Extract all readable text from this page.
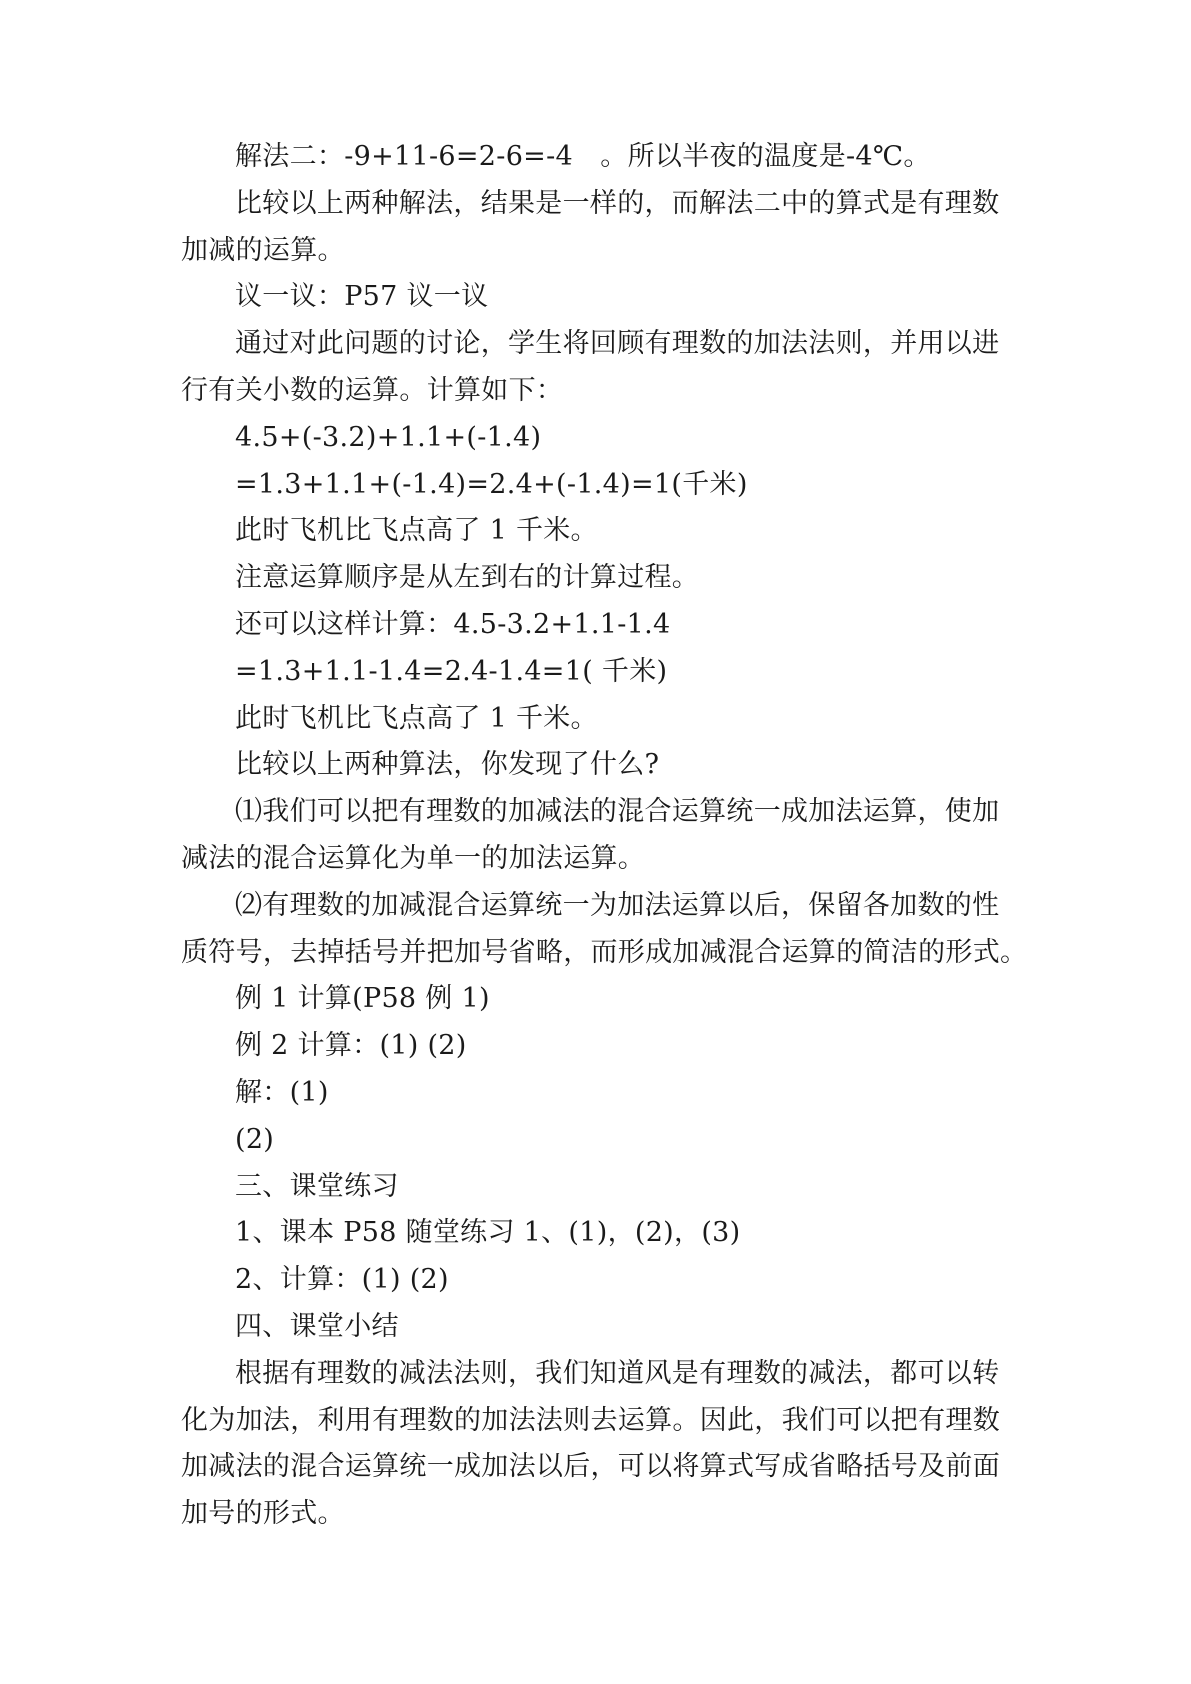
解法二：-9+11-6=2-6=-4　。所以半夜的温度是-4℃。
比较以上两种解法，结果是一样的，而解法二中的算式是有理数
加减的运算。
议一议：P57 议一议
通过对此问题的讨论，学生将回顾有理数的加法法则，并用以进
行有关小数的运算。计算如下：
4.5+(-3.2)+1.1+(-1.4)
=1.3+1.1+(-1.4)=2.4+(-1.4)=1(千米)
此时飞机比飞点高了 1 千米。
注意运算顺序是从左到右的计算过程。
还可以这样计算：4.5-3.2+1.1-1.4
=1.3+1.1-1.4=2.4-1.4=1( 千米)
此时飞机比飞点高了 1 千米。
比较以上两种算法，你发现了什么?
⑴我们可以把有理数的加减法的混合运算统一成加法运算，使加
减法的混合运算化为单一的加法运算。
⑵有理数的加减混合运算统一为加法运算以后，保留各加数的性
质符号，去掉括号并把加号省略，而形成加减混合运算的简洁的形式。
例 1 计算(P58 例 1)
例 2 计算：(1) (2)
解：(1)
(2)
三、课堂练习
1、课本 P58 随堂练习 1、(1)，(2)，(3)
2、计算：(1) (2)
四、课堂小结
根据有理数的减法法则，我们知道风是有理数的减法，都可以转
化为加法，利用有理数的加法法则去运算。因此，我们可以把有理数
加减法的混合运算统一成加法以后，可以将算式写成省略括号及前面
加号的形式。
